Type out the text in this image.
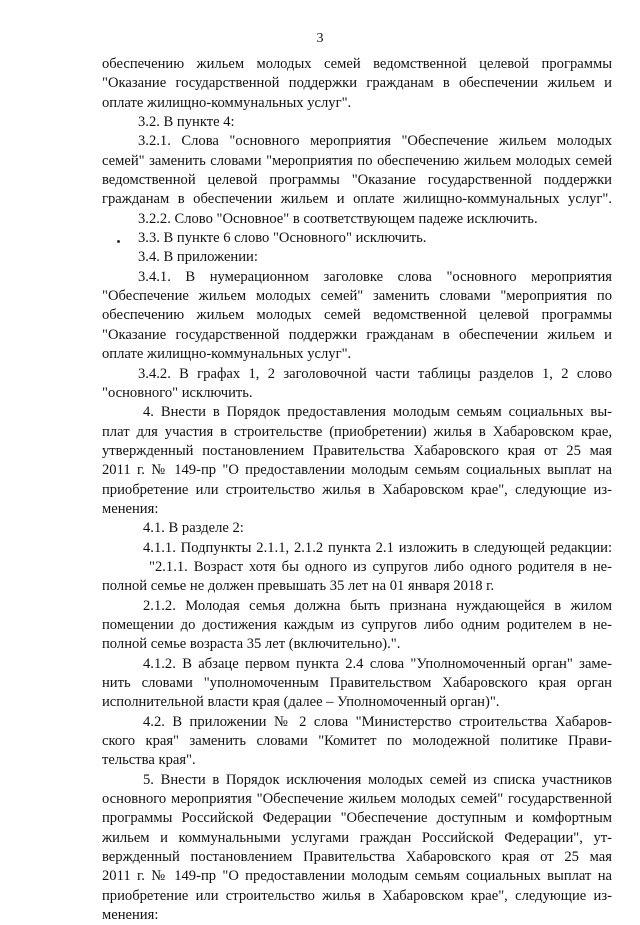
3
обеспечению жильем молодых семей ведомственной целевой программы
"Оказание государственной поддержки гражданам в обеспечении жильем и
оплате жилищно-коммунальных услуг".
3.2. В пункте 4:
3.2.1. Слова "основного мероприятия "Обеспечение жильем молодых
семей" заменить словами "мероприятия по обеспечению жильем молодых семей
ведомственной целевой программы "Оказание государственной поддержки
гражданам в обеспечении жильем и оплате жилищно-коммунальных услуг".
3.2.2. Слово "Основное" в соответствующем падеже исключить.
3.3. В пункте 6 слово "Основного" исключить.
3.4. В приложении:
3.4.1. В нумерационном заголовке слова "основного мероприятия
"Обеспечение жильем молодых семей" заменить словами "мероприятия по
обеспечению жильем молодых семей ведомственной целевой программы
"Оказание государственной поддержки гражданам в обеспечении жильем и
оплате жилищно-коммунальных услуг".
3.4.2. В графах 1, 2 заголовочной части таблицы разделов 1, 2 слово
"основного" исключить.
4. Внести в Порядок предоставления молодым семьям социальных вы-
плат для участия в строительстве (приобретении) жилья в Хабаровском крае,
утвержденный постановлением Правительства Хабаровского края от 25 мая
2011 г. № 149-пр "О предоставлении молодым семьям социальных выплат на
приобретение или строительство жилья в Хабаровском крае", следующие из-
менения:
4.1. В разделе 2:
4.1.1. Подпункты 2.1.1, 2.1.2 пункта 2.1 изложить в следующей редакции:
"2.1.1. Возраст хотя бы одного из супругов либо одного родителя в не-
полной семье не должен превышать 35 лет на 01 января 2018 г.
2.1.2. Молодая семья должна быть признана нуждающейся в жилом
помещении до достижения каждым из супругов либо одним родителем в не-
полной семье возраста 35 лет (включительно).".
4.1.2. В абзаце первом пункта 2.4 слова "Уполномоченный орган" заме-
нить словами "уполномоченным Правительством Хабаровского края орган
исполнительной власти края (далее – Уполномоченный орган)".
4.2. В приложении № 2 слова "Министерство строительства Хабаров-
ского края" заменить словами "Комитет по молодежной политике Прави-
тельства края".
5. Внести в Порядок исключения молодых семей из списка участников
основного мероприятия "Обеспечение жильем молодых семей" государственной
программы Российской Федерации "Обеспечение доступным и комфортным
жильем и коммунальными услугами граждан Российской Федерации", ут-
вержденный постановлением Правительства Хабаровского края от 25 мая
2011 г. № 149-пр "О предоставлении молодым семьям социальных выплат на
приобретение или строительство жилья в Хабаровском крае", следующие из-
менения:
